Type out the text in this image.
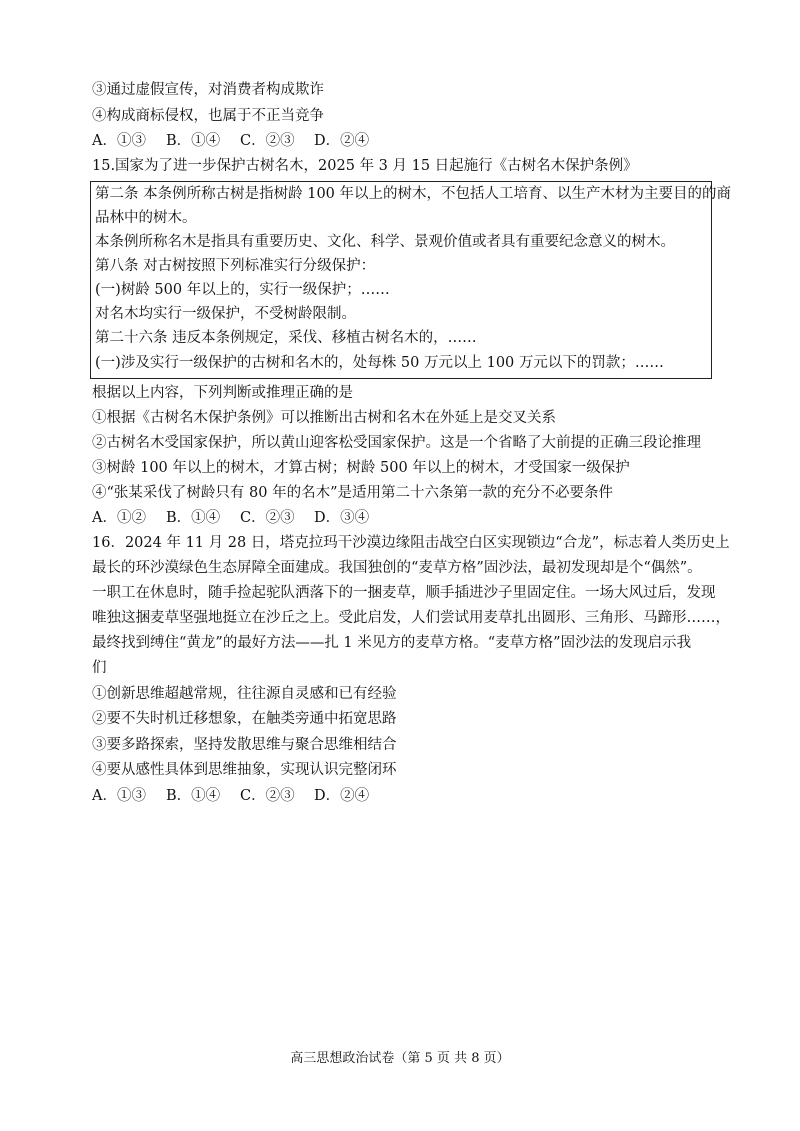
③通过虚假宣传，对消费者构成欺诈
④构成商标侵权，也属于不正当竞争
A．①③ B．①④ C．②③ D．②④
15.国家为了进一步保护古树名木，2025 年 3 月 15 日起施行《古树名木保护条例》
第二条 本条例所称古树是指树龄 100 年以上的树木，不包括人工培育、以生产木材为主要目的的商
品林中的树木。
本条例所称名木是指具有重要历史、文化、科学、景观价值或者具有重要纪念意义的树木。
第八条 对古树按照下列标准实行分级保护：
(一)树龄 500 年以上的，实行一级保护；……
对名木均实行一级保护，不受树龄限制。
第二十六条 违反本条例规定，采伐、移植古树名木的，……
(一)涉及实行一级保护的古树和名木的，处每株 50 万元以上 100 万元以下的罚款；……
根据以上内容，下列判断或推理正确的是
①根据《古树名木保护条例》可以推断出古树和名木在外延上是交叉关系
②古树名木受国家保护，所以黄山迎客松受国家保护。这是一个省略了大前提的正确三段论推理
③树龄 100 年以上的树木，才算古树；树龄 500 年以上的树木，才受国家一级保护
④“张某采伐了树龄只有 80 年的名木”是适用第二十六条第一款的充分不必要条件
A．①② B．①④ C．②③ D．③④
16．2024 年 11 月 28 日，塔克拉玛干沙漠边缘阻击战空白区实现锁边“合龙”，标志着人类历史上
最长的环沙漠绿色生态屏障全面建成。我国独创的“麦草方格”固沙法，最初发现却是个“偶然”。
一职工在休息时，随手捡起驼队洒落下的一捆麦草，顺手插进沙子里固定住。一场大风过后，发现
唯独这捆麦草坚强地挺立在沙丘之上。受此启发，人们尝试用麦草扎出圆形、三角形、马蹄形……，
最终找到缚住“黄龙”的最好方法——扎 1 米见方的麦草方格。“麦草方格”固沙法的发现启示我
们
①创新思维超越常规，往往源自灵感和已有经验
②要不失时机迁移想象，在触类旁通中拓宽思路
③要多路探索，坚持发散思维与聚合思维相结合
④要从感性具体到思维抽象，实现认识完整闭环
A．①③ B．①④ C．②③ D．②④
高三思想政治试卷（第 5 页 共 8 页）
